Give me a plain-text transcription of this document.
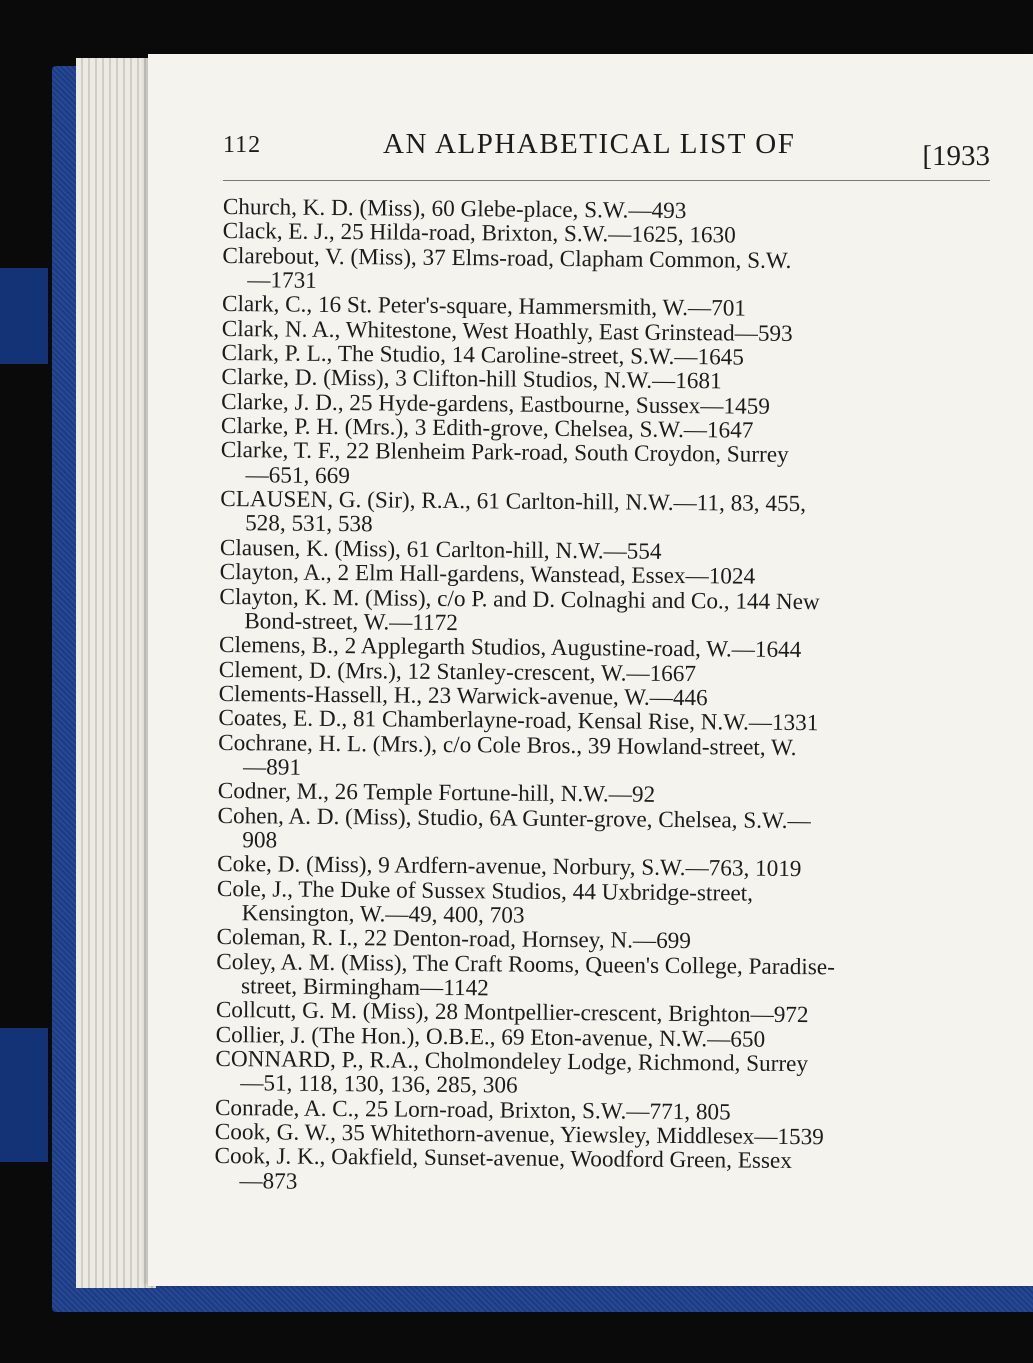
112	AN ALPHABETICAL LIST OF	[1933
Church, K. D. (Miss), 60 Glebe-place, S.W.—493
Clack, E. J., 25 Hilda-road, Brixton, S.W.—1625, 1630
Clarebout, V. (Miss), 37 Elms-road, Clapham Common, S.W.
—1731
Clark, C., 16 St. Peter's-square, Hammersmith, W.—701
Clark, N. A., Whitestone, West Hoathly, East Grinstead—593
Clark, P. L., The Studio, 14 Caroline-street, S.W.—1645
Clarke, D. (Miss), 3 Clifton-hill Studios, N.W.—1681
Clarke, J. D., 25 Hyde-gardens, Eastbourne, Sussex—1459
Clarke, P. H. (Mrs.), 3 Edith-grove, Chelsea, S.W.—1647
Clarke, T. F., 22 Blenheim Park-road, South Croydon, Surrey
—651, 669
CLAUSEN, G. (Sir), R.A., 61 Carlton-hill, N.W.—11, 83, 455,
528, 531, 538
Clausen, K. (Miss), 61 Carlton-hill, N.W.—554
Clayton, A., 2 Elm Hall-gardens, Wanstead, Essex—1024
Clayton, K. M. (Miss), c/o P. and D. Colnaghi and Co., 144 New
Bond-street, W.—1172
Clemens, B., 2 Applegarth Studios, Augustine-road, W.—1644
Clement, D. (Mrs.), 12 Stanley-crescent, W.—1667
Clements-Hassell, H., 23 Warwick-avenue, W.—446
Coates, E. D., 81 Chamberlayne-road, Kensal Rise, N.W.—1331
Cochrane, H. L. (Mrs.), c/o Cole Bros., 39 Howland-street, W.
—891
Codner, M., 26 Temple Fortune-hill, N.W.—92
Cohen, A. D. (Miss), Studio, 6A Gunter-grove, Chelsea, S.W.—
908
Coke, D. (Miss), 9 Ardfern-avenue, Norbury, S.W.—763, 1019
Cole, J., The Duke of Sussex Studios, 44 Uxbridge-street,
Kensington, W.—49, 400, 703
Coleman, R. I., 22 Denton-road, Hornsey, N.—699
Coley, A. M. (Miss), The Craft Rooms, Queen's College, Paradise-
street, Birmingham—1142
Collcutt, G. M. (Miss), 28 Montpellier-crescent, Brighton—972
Collier, J. (The Hon.), O.B.E., 69 Eton-avenue, N.W.—650
CONNARD, P., R.A., Cholmondeley Lodge, Richmond, Surrey
—51, 118, 130, 136, 285, 306
Conrade, A. C., 25 Lorn-road, Brixton, S.W.—771, 805
Cook, G. W., 35 Whitethorn-avenue, Yiewsley, Middlesex—1539
Cook, J. K., Oakfield, Sunset-avenue, Woodford Green, Essex
—873
